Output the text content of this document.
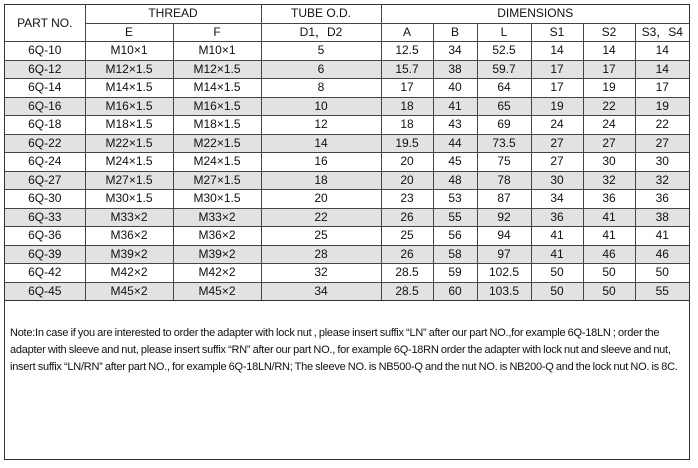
PART NO.	THREAD		TUBE O.D.	DIMENSIONS					
	E	F	D1，D2	A	B	L	S1	S2	S3，S4
6Q-10	M10×1	M10×1	5	12.5	34	52.5	14	14	14
6Q-12	M12×1.5	M12×1.5	6	15.7	38	59.7	17	17	14
6Q-14	M14×1.5	M14×1.5	8	17	40	64	17	19	17
6Q-16	M16×1.5	M16×1.5	10	18	41	65	19	22	19
6Q-18	M18×1.5	M18×1.5	12	18	43	69	24	24	22
6Q-22	M22×1.5	M22×1.5	14	19.5	44	73.5	27	27	27
6Q-24	M24×1.5	M24×1.5	16	20	45	75	27	30	30
6Q-27	M27×1.5	M27×1.5	18	20	48	78	30	32	32
6Q-30	M30×1.5	M30×1.5	20	23	53	87	34	36	36
6Q-33	M33×2	M33×2	22	26	55	92	36	41	38
6Q-36	M36×2	M36×2	25	25	56	94	41	41	41
6Q-39	M39×2	M39×2	28	26	58	97	41	46	46
6Q-42	M42×2	M42×2	32	28.5	59	102.5	50	50	50
6Q-45	M45×2	M45×2	34	28.5	60	103.5	50	50	55

Note:In case if you are interested to order the adapter with lock nut , please insert suffix “LN” after our part NO.,for example 6Q-18LN ; order the adapter with sleeve and nut, please insert suffix “RN” after our part NO., for example 6Q-18RN order the adapter with lock nut and sleeve and nut, insert suffix “LN/RN” after part NO., for example 6Q-18LN/RN; The sleeve NO. is NB500-Q and the nut NO. is NB200-Q and the lock nut NO. is 8C.
